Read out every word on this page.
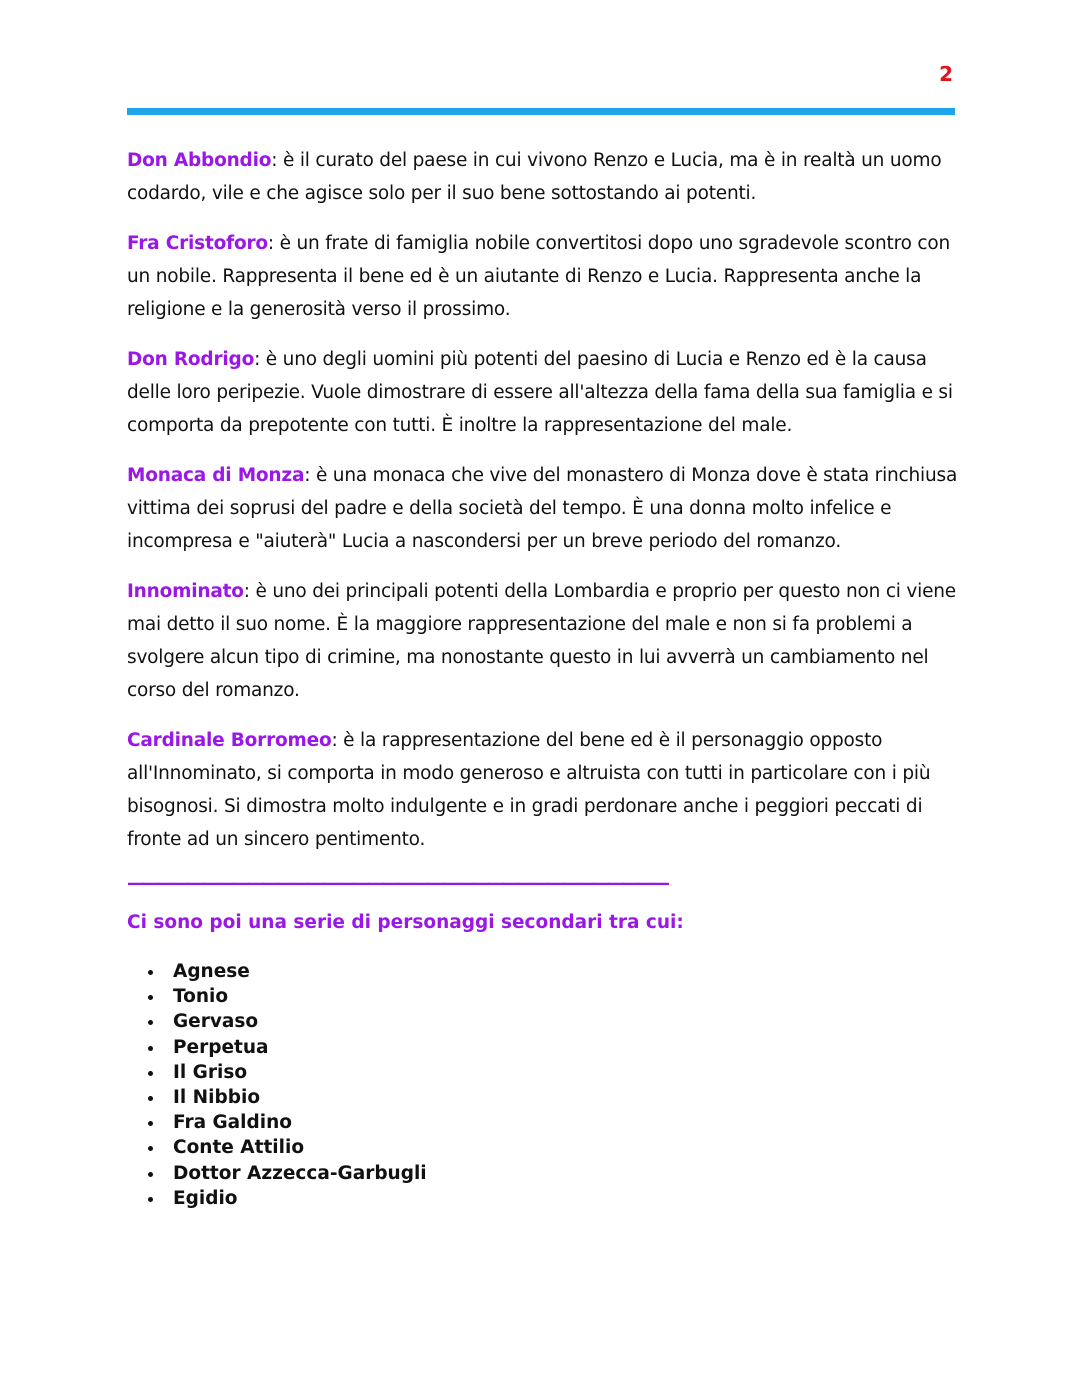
2

Don Abbondio: è il curato del paese in cui vivono Renzo e Lucia, ma è in realtà un uomo codardo, vile e che agisce solo per il suo bene sottostando ai potenti.

Fra Cristoforo: è un frate di famiglia nobile convertitosi dopo uno sgradevole scontro con un nobile. Rappresenta il bene ed è un aiutante di Renzo e Lucia. Rappresenta anche la religione e la generosità verso il prossimo.

Don Rodrigo: è uno degli uomini più potenti del paesino di Lucia e Renzo ed è la causa delle loro peripezie. Vuole dimostrare di essere all'altezza della fama della sua famiglia e si comporta da prepotente con tutti. È inoltre la rappresentazione del male.

Monaca di Monza: è una monaca che vive del monastero di Monza dove è stata rinchiusa vittima dei soprusi del padre e della società del tempo. È una donna molto infelice e incompresa e "aiuterà" Lucia a nascondersi per un breve periodo del romanzo.

Innominato: è uno dei principali potenti della Lombardia e proprio per questo non ci viene mai detto il suo nome. È la maggiore rappresentazione del male e non si fa problemi a svolgere alcun tipo di crimine, ma nonostante questo in lui avverrà un cambiamento nel corso del romanzo.

Cardinale Borromeo: è la rappresentazione del bene ed è il personaggio opposto all'Innominato, si comporta in modo generoso e altruista con tutti in particolare con i più bisognosi. Si dimostra molto indulgente e in gradi perdonare anche i peggiori peccati di fronte ad un sincero pentimento.

————————————————————————————————————
Ci sono poi una serie di personaggi secondari tra cui:
• Agnese
• Tonio
• Gervaso
• Perpetua
• Il Griso
• Il Nibbio
• Fra Galdino
• Conte Attilio
• Dottor Azzecca-Garbugli
• Egidio
